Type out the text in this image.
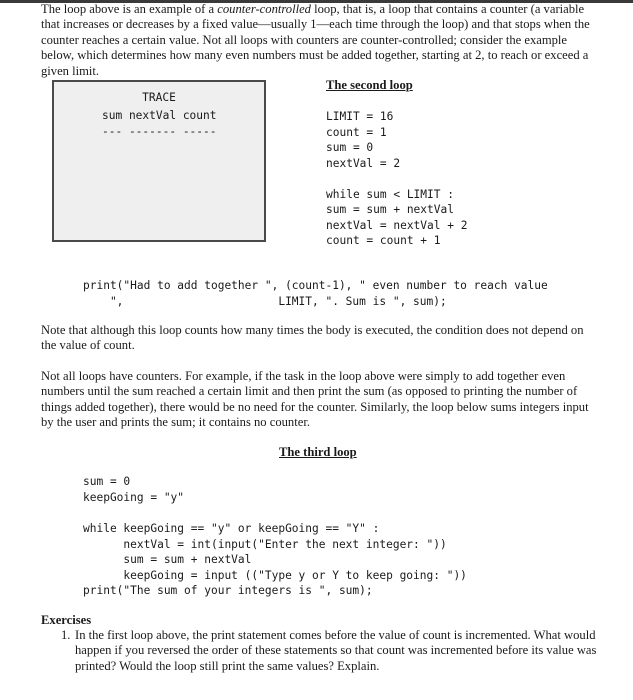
The loop above is an example of a counter-controlled loop, that is, a loop that contains a counter (a variable that increases or decreases by a fixed value—usually 1—each time through the loop) and that stops when the counter reaches a certain value. Not all loops with counters are counter-controlled; consider the example below, which determines how many even numbers must be added together, starting at 2, to reach or exceed a given limit.

TRACE
sum nextVal count
--- ------- -----
The second loop
LIMIT = 16
count = 1
sum = 0
nextVal = 2

while sum < LIMIT :
sum = sum + nextVal
nextVal = nextVal + 2
count = count + 1
print("Had to add together ", (count-1), " even number to reach value
",                       LIMIT, ". Sum is ", sum);

Note that although this loop counts how many times the body is executed, the condition does not depend on the value of count.

Not all loops have counters. For example, if the task in the loop above were simply to add together even numbers until the sum reached a certain limit and then print the sum (as opposed to printing the number of things added together), there would be no need for the counter. Similarly, the loop below sums integers input by the user and prints the sum; it contains no counter.

The third loop
sum = 0
keepGoing = "y"
while keepGoing == "y" or keepGoing == "Y" :
nextVal = int(input("Enter the next integer: "))
sum = sum + nextVal
keepGoing = input (("Type y or Y to keep going: "))
print("The sum of your integers is ", sum);
Exercises
1. In the first loop above, the print statement comes before the value of count is incremented. What would happen if you reversed the order of these statements so that count was incremented before its value was printed? Would the loop still print the same values? Explain.
